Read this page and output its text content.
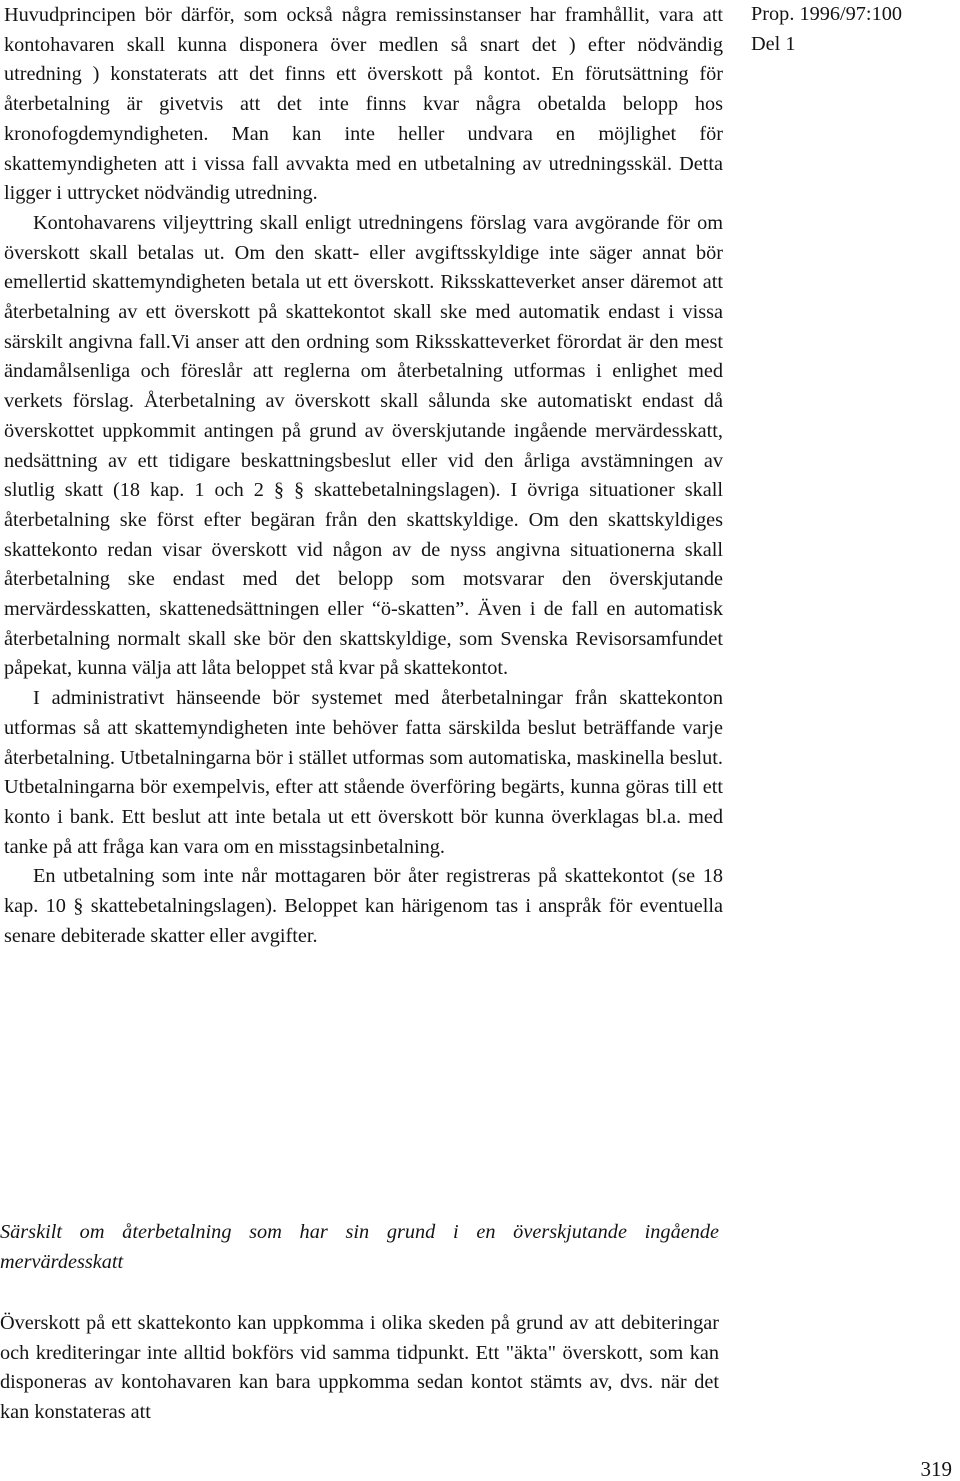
Huvudprincipen bör därför, som också några remissinstanser har framhållit, vara att kontohavaren skall kunna disponera över medlen så snart det ) efter nödvändig utredning ) konstaterats att det finns ett överskott på kontot. En förutsättning för återbetalning är givetvis att det inte finns kvar några obetalda belopp hos kronofogdemyndigheten. Man kan inte heller undvara en möjlighet för skattemyndigheten att i vissa fall avvakta med en utbetalning av utredningsskäl. Detta ligger i uttrycket nödvändig utredning.

Kontohavarens viljeyttring skall enligt utredningens förslag vara avgörande för om överskott skall betalas ut. Om den skatt- eller avgiftsskyldige inte säger annat bör emellertid skattemyndigheten betala ut ett överskott. Riksskatteverket anser däremot att återbetalning av ett överskott på skattekontot skall ske med automatik endast i vissa särskilt angivna fall.Vi anser att den ordning som Riksskatteverket förordat är den mest ändamålsenliga och föreslår att reglerna om återbetalning utformas i enlighet med verkets förslag. Återbetalning av överskott skall sålunda ske automatiskt endast då överskottet uppkommit antingen på grund av överskjutande ingående mervärdesskatt, nedsättning av ett tidigare beskattningsbeslut eller vid den årliga avstämningen av slutlig skatt (18 kap. 1 och 2 § § skattebetalningslagen). I övriga situationer skall återbetalning ske först efter begäran från den skattskyldige. Om den skattskyldiges skattekonto redan visar överskott vid någon av de nyss angivna situationerna skall återbetalning ske endast med det belopp som motsvarar den överskjutande mervärdesskatten, skattenedsättningen eller “ö-skatten”. Även i de fall en automatisk återbetalning normalt skall ske bör den skattskyldige, som Svenska Revisorsamfundet påpekat, kunna välja att låta beloppet stå kvar på skattekontot.

I administrativt hänseende bör systemet med återbetalningar från skattekonton utformas så att skattemyndigheten inte behöver fatta särskilda beslut beträffande varje återbetalning. Utbetalningarna bör i stället utformas som automatiska, maskinella beslut. Utbetalningarna bör exempelvis, efter att stående överföring begärts, kunna göras till ett konto i bank. Ett beslut att inte betala ut ett överskott bör kunna överklagas bl.a. med tanke på att fråga kan vara om en misstagsinbetalning.

En utbetalning som inte når mottagaren bör åter registreras på skattekontot (se 18 kap. 10 § skattebetalningslagen). Beloppet kan härigenom tas i anspråk för eventuella senare debiterade skatter eller avgifter.

Särskilt om återbetalning som har sin grund i en överskjutande ingående mervärdesskatt

Överskott på ett skattekonto kan uppkomma i olika skeden på grund av att debiteringar och krediteringar inte alltid bokförs vid samma tidpunkt. Ett "äkta" överskott, som kan disponeras av kontohavaren kan bara uppkomma sedan kontot stämts av, dvs. när det kan konstateras att

Prop. 1996/97:100
Del 1
319
